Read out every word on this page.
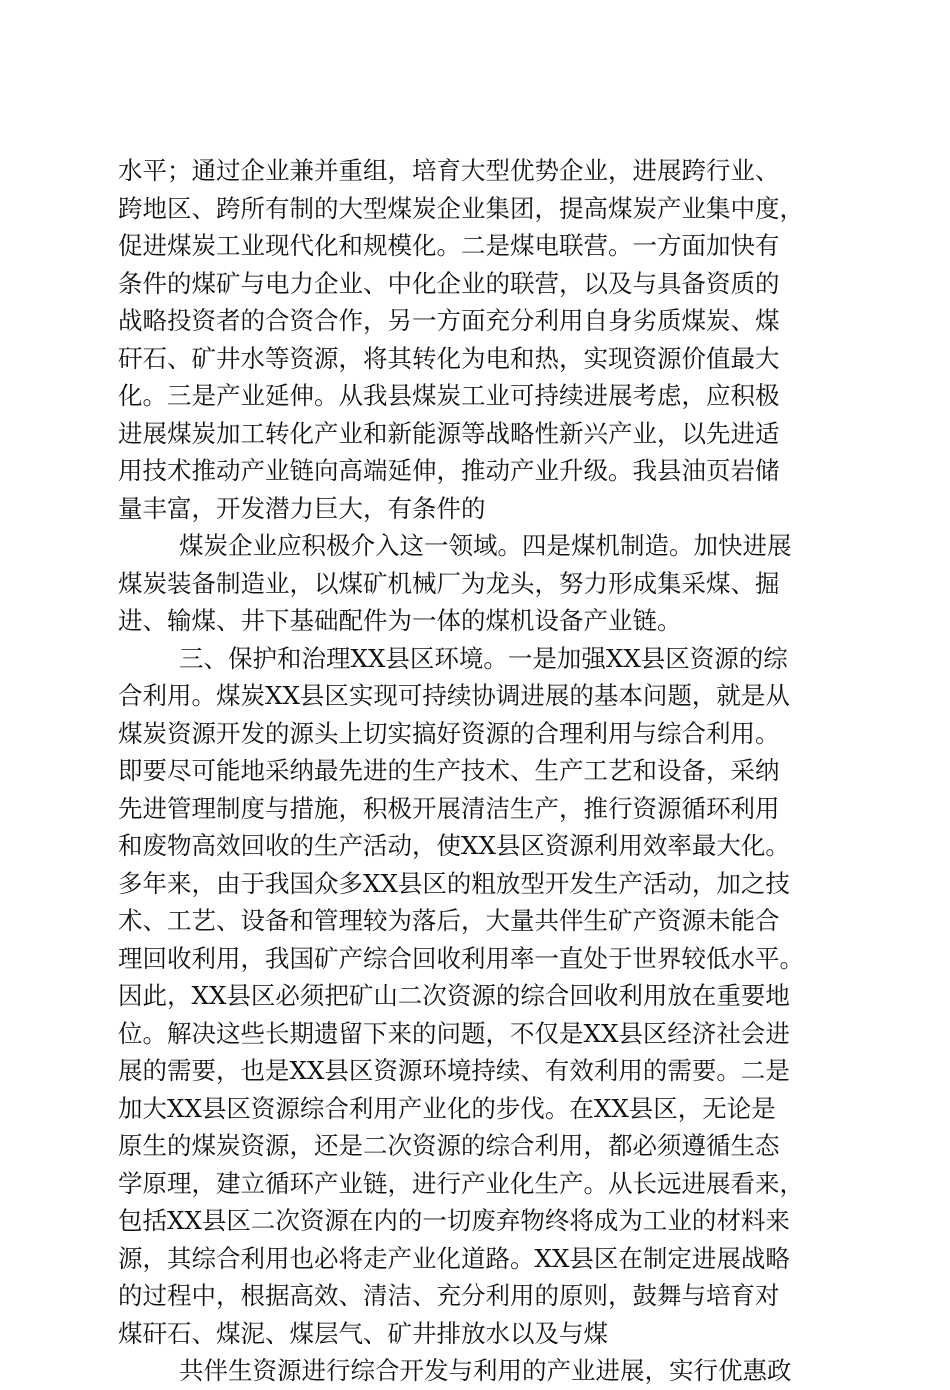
水平；通过企业兼并重组，培育大型优势企业，进展跨行业、
跨地区、跨所有制的大型煤炭企业集团，提高煤炭产业集中度，
促进煤炭工业现代化和规模化。二是煤电联营。一方面加快有
条件的煤矿与电力企业、中化企业的联营，以及与具备资质的
战略投资者的合资合作，另一方面充分利用自身劣质煤炭、煤
矸石、矿井水等资源，将其转化为电和热，实现资源价值最大
化。三是产业延伸。从我县煤炭工业可持续进展考虑，应积极
进展煤炭加工转化产业和新能源等战略性新兴产业，以先进适
用技术推动产业链向高端延伸，推动产业升级。我县油页岩储
量丰富，开发潜力巨大，有条件的
煤炭企业应积极介入这一领域。四是煤机制造。加快进展
煤炭装备制造业，以煤矿机械厂为龙头，努力形成集采煤、掘
进、输煤、井下基础配件为一体的煤机设备产业链。
三、保护和治理XX县区环境。一是加强XX县区资源的综
合利用。煤炭XX县区实现可持续协调进展的基本问题，就是从
煤炭资源开发的源头上切实搞好资源的合理利用与综合利用。
即要尽可能地采纳最先进的生产技术、生产工艺和设备，采纳
先进管理制度与措施，积极开展清洁生产，推行资源循环利用
和废物高效回收的生产活动，使XX县区资源利用效率最大化。
多年来，由于我国众多XX县区的粗放型开发生产活动，加之技
术、工艺、设备和管理较为落后，大量共伴生矿产资源未能合
理回收利用，我国矿产综合回收利用率一直处于世界较低水平。
因此，XX县区必须把矿山二次资源的综合回收利用放在重要地
位。解决这些长期遗留下来的问题，不仅是XX县区经济社会进
展的需要，也是XX县区资源环境持续、有效利用的需要。二是
加大XX县区资源综合利用产业化的步伐。在XX县区，无论是
原生的煤炭资源，还是二次资源的综合利用，都必须遵循生态
学原理，建立循环产业链，进行产业化生产。从长远进展看来，
包括XX县区二次资源在内的一切废弃物终将成为工业的材料来
源，其综合利用也必将走产业化道路。XX县区在制定进展战略
的过程中，根据高效、清洁、充分利用的原则，鼓舞与培育对
煤矸石、煤泥、煤层气、矿井排放水以及与煤
共伴生资源进行综合开发与利用的产业进展，实行优惠政
